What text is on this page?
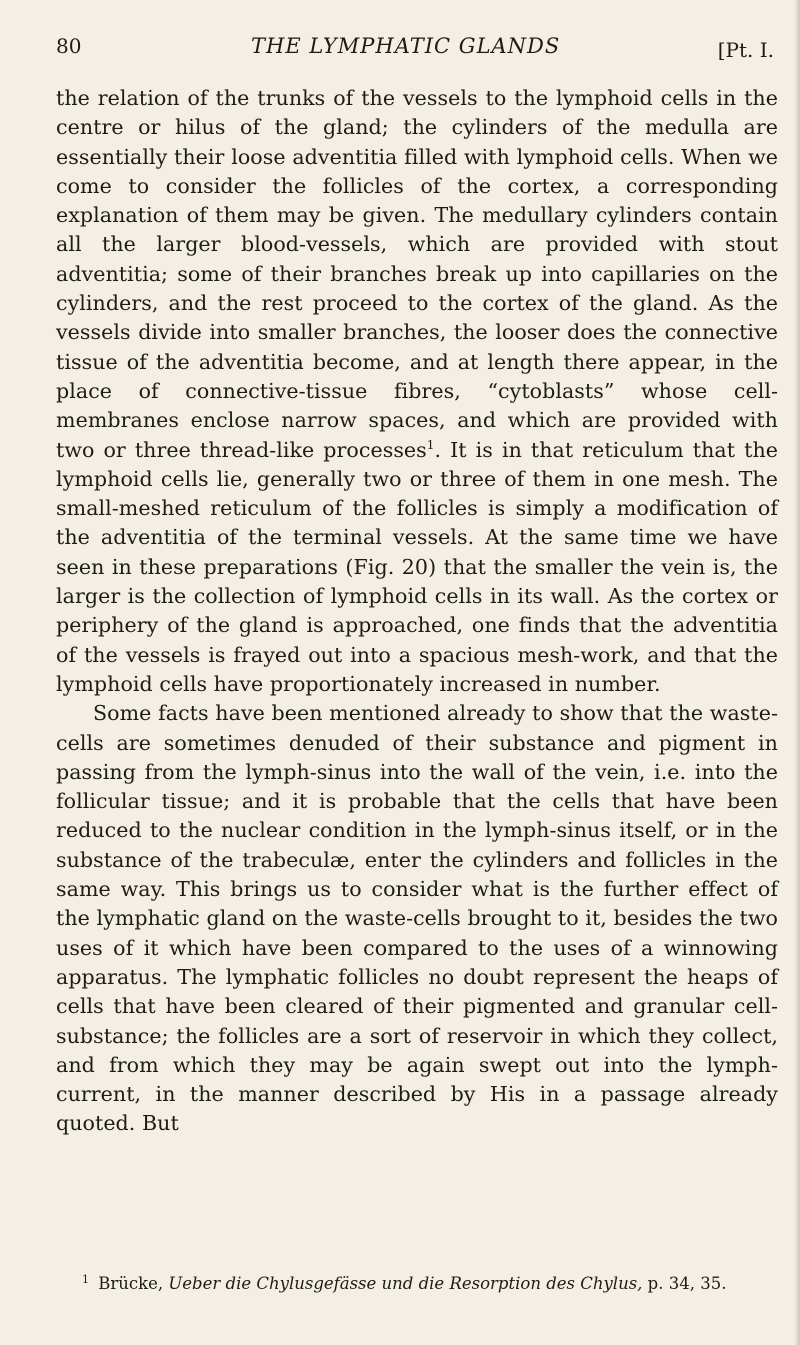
80	THE LYMPHATIC GLANDS	[Pt. I.

the relation of the trunks of the vessels to the lymphoid cells in the centre or hilus of the gland; the cylinders of the medulla are essentially their loose adventitia filled with lymphoid cells. When we come to consider the follicles of the cortex, a corresponding explanation of them may be given. The medullary cylinders contain all the larger blood-vessels, which are provided with stout adventitia; some of their branches break up into capillaries on the cylinders, and the rest proceed to the cortex of the gland. As the vessels divide into smaller branches, the looser does the connective tissue of the adventitia become, and at length there appear, in the place of connective-tissue fibres, “cytoblasts” whose cell-membranes enclose narrow spaces, and which are provided with two or three thread-like processes$^1$. It is in that reticulum that the lymphoid cells lie, generally two or three of them in one mesh. The small-meshed reticulum of the follicles is simply a modification of the adventitia of the terminal vessels. At the same time we have seen in these preparations (Fig. 20) that the smaller the vein is, the larger is the collection of lymphoid cells in its wall. As the cortex or periphery of the gland is approached, one finds that the adventitia of the vessels is frayed out into a spacious mesh-work, and that the lymphoid cells have proportionately increased in number.

Some facts have been mentioned already to show that the waste-cells are sometimes denuded of their substance and pigment in passing from the lymph-sinus into the wall of the vein, i.e. into the follicular tissue; and it is probable that the cells that have been reduced to the nuclear condition in the lymph-sinus itself, or in the substance of the trabeculæ, enter the cylinders and follicles in the same way. This brings us to consider what is the further effect of the lymphatic gland on the waste-cells brought to it, besides the two uses of it which have been compared to the uses of a winnowing apparatus. The lymphatic follicles no doubt represent the heaps of cells that have been cleared of their pigmented and granular cell-substance; the follicles are a sort of reservoir in which they collect, and from which they may be again swept out into the lymph-current, in the manner described by His in a passage already quoted. But

$^1$ Brücke, Ueber die Chylusgefässe und die Resorption des Chylus, p. 34, 35.
